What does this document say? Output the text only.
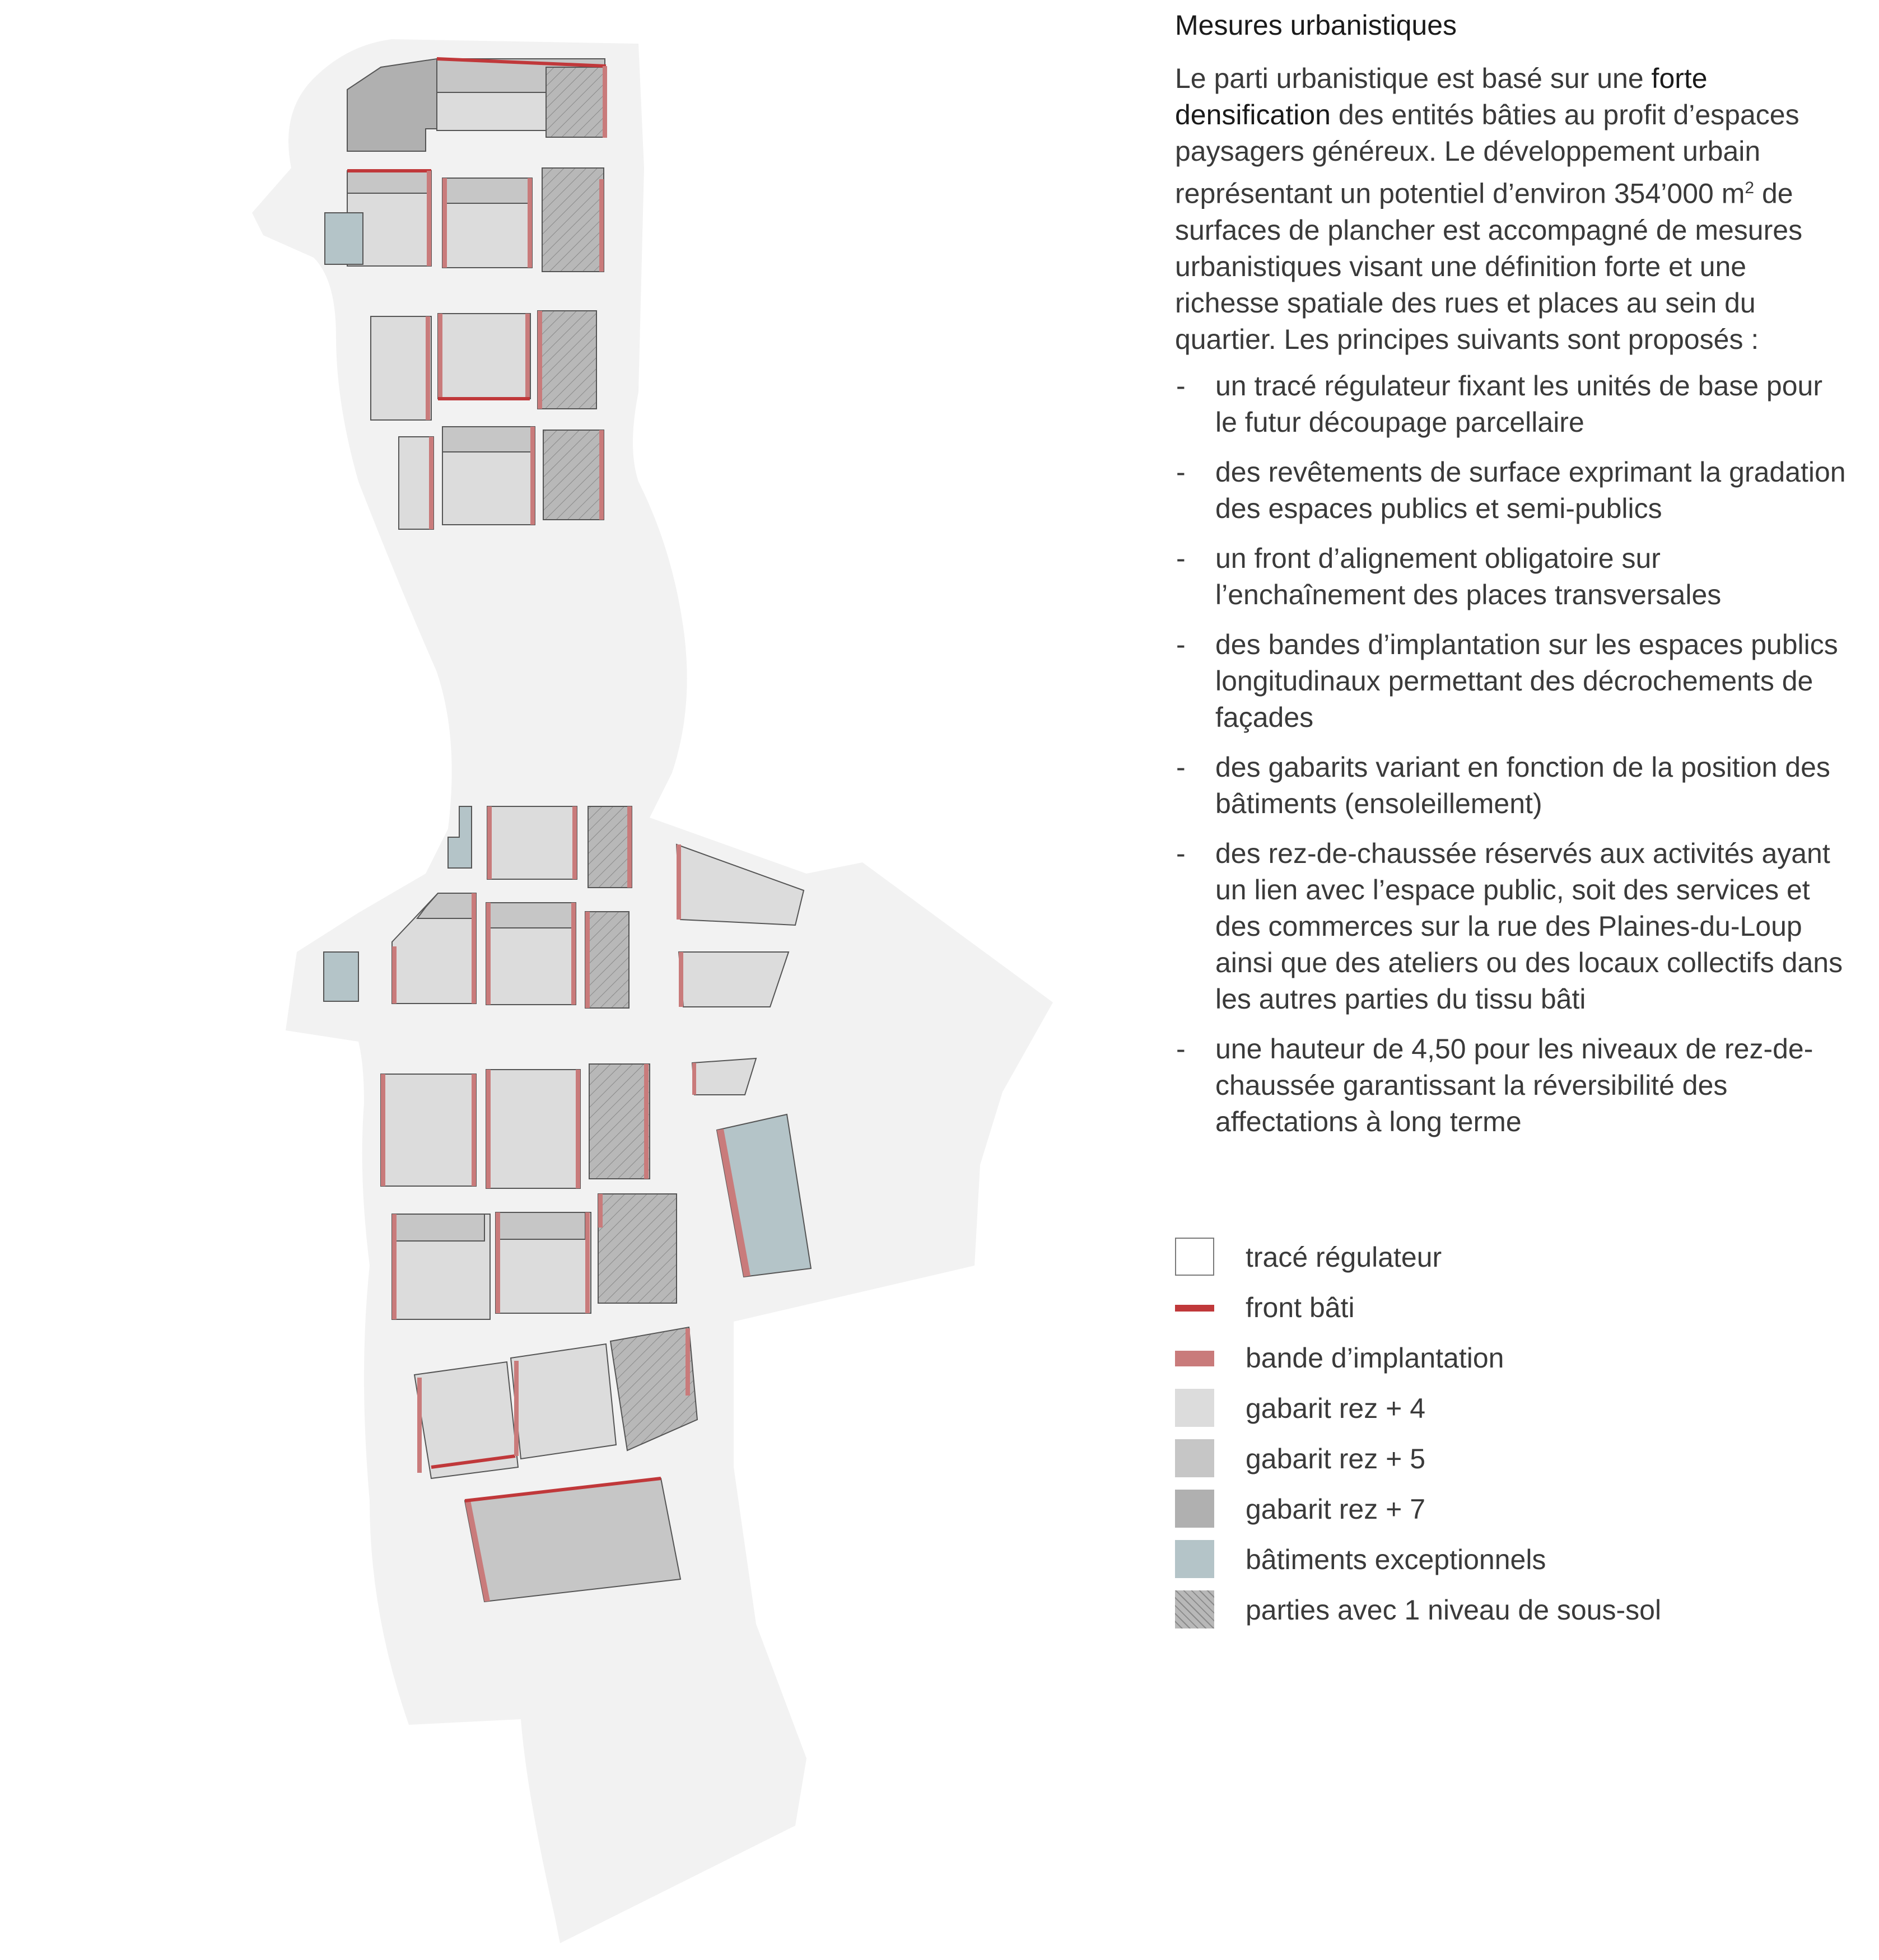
Mesures urbanistiques

Le parti urbanistique est basé sur une forte densification des entités bâties au profit d’espaces paysagers généreux. Le développement urbain représentant un potentiel d’environ 354’000 $m^2$ de surfaces de plancher est accompagné de mesures urbanistiques visant une définition forte et une richesse spatiale des rues et places au sein du quartier. Les principes suivants sont proposés :

- un tracé régulateur fixant les unités de base pour le futur découpage parcellaire
- des revêtements de surface exprimant la gradation des espaces publics et semi-publics
- un front d’alignement obligatoire sur l’enchaînement des places transversales
- des bandes d’implantation sur les espaces publics longitudinaux permettant des décrochements de façades
- des gabarits variant en fonction de la position des bâtiments (ensoleillement)
- des rez-de-chaussée réservés aux activités ayant un lien avec l’espace public, soit des services et des commerces sur la rue des Plaines-du-Loup ainsi que des ateliers ou des locaux collectifs dans les autres parties du tissu bâti
- une hauteur de 4,50 pour les niveaux de rez-de-chaussée garantissant la réversibilité des affectations à long terme
tracé régulateur
front bâti
bande d’implantation
gabarit rez + 4
gabarit rez + 5
gabarit rez + 7
bâtiments exceptionnels
parties avec 1 niveau de sous-sol
